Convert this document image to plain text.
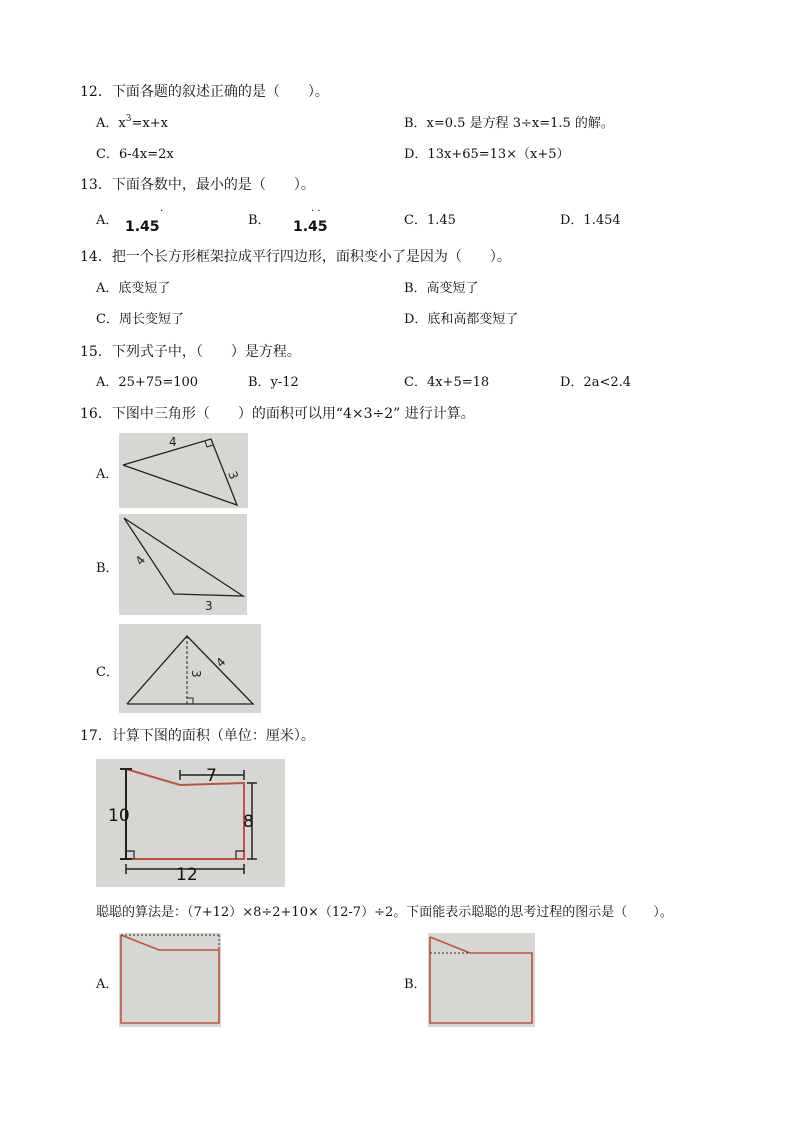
12．下面各题的叙述正确的是（　　）。
A．$x^3=x+x$	B．x=0.5 是方程 3÷x=1.5 的解。
C．6-4x=2x	D．13x+65=13×（x+5）
13．下面各数中，最小的是（　　）。
A． 1.45
·
B． 1.45
· ·
C．1.45	D．1.454
14．把一个长方形框架拉成平行四边形，面积变小了是因为（　　）。
A．底变短了	B．高变短了
C．周长变短了	D．底和高都变短了
15．下列式子中，（　　）是方程。
A．25+75=100	B．y-12	C．4x+5=18	D．2a<2.4
16．下图中三角形（　　）的面积可以用“4×3÷2” 进行计算。
A．
4
3
B．
4
3
C．	3
4
17．计算下图的面积（单位：厘米）。
10
7
8
12
聪聪的算法是：（7+12）×8÷2+10×（12-7）÷2。下面能表示聪聪的思考过程的图示是（　　）。
A．	B．
